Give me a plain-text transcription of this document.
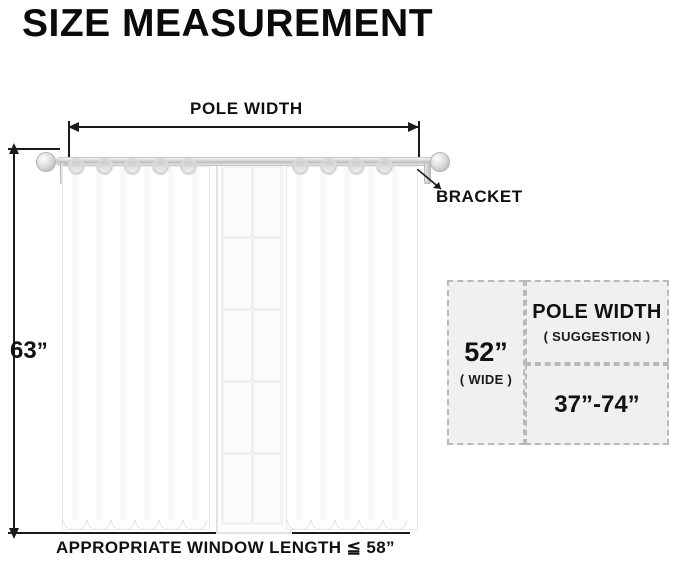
SIZE MEASUREMENT
POLE WIDTH
63”
BRACKET
52”
( WIDE )
POLE WIDTH
( SUGGESTION )
37”-74”
APPROPRIATE WINDOW LENGTH ≦ 58”
